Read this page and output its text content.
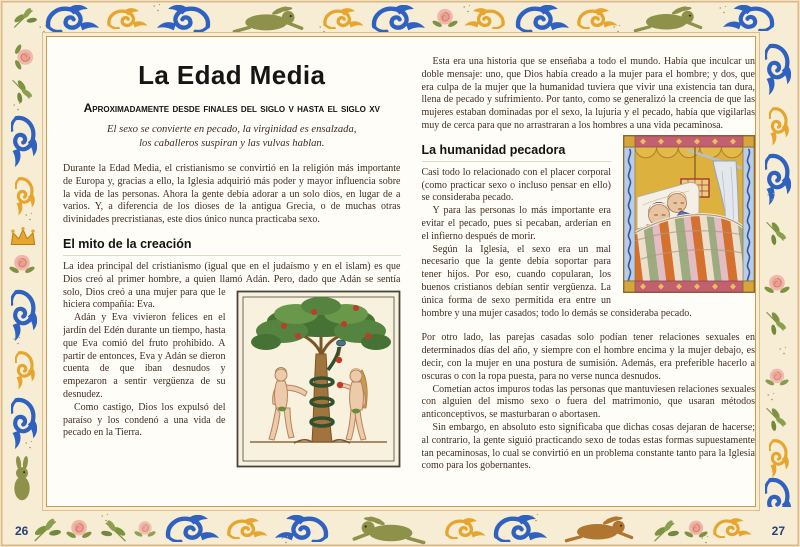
26	27
La Edad Media
Aproximadamente desde finales del siglo v hasta el siglo xv

El sexo se convierte en pecado, la virginidad es ensalzada,
los caballeros suspiran y las vulvas hablan.

Durante la Edad Media, el cristianismo se convirtió en la religión más importante de Europa y, gracias a ello, la Iglesia adquirió más poder y mayor influencia sobre la vida de las personas. Ahora la gente debía adorar a un solo dios, en lugar de a varios. Y, a diferencia de los dioses de la antigua Grecia, o de muchas otras divinidades precristianas, este dios único nunca practicaba sexo.

El mito de la creación

La idea principal del cristianismo (igual que en el judaísmo y en el islam) es que Dios creó al primer hombre, a quien llamó Adán. Pero, dado que Adán se sentía solo,
Dios creó a una mujer para que le hiciera compañía: Eva.

Adán y Eva vivieron felices en el jardín del Edén durante un tiempo, hasta que Eva comió del fruto prohibido. A partir de entonces, Eva y Adán se dieron cuenta de que iban desnudos y empezaron a sentir vergüenza de su desnudez.

Como castigo, Dios los expulsó del paraíso y los condenó a una vida de pecado en la Tierra.

Esta era una historia que se enseñaba a todo el mundo. Había que inculcar un doble mensaje: uno, que Dios había creado a la mujer para el hombre; y dos, que era culpa de la mujer que la humanidad tuviera que vivir una existencia tan dura, llena de pecado y sufrimiento. Por tanto, como se generalizó la creencia de que las mujeres estaban dominadas por el sexo, la lujuria y el pecado, había que vigilarlas muy de cerca para que no arrastraran a los hombres a una vida pecaminosa.

La humanidad pecadora

Casi todo lo relacionado con el placer corporal (como practicar sexo o incluso pensar en ello) se consideraba pecado.

Y para las personas lo más importante era evitar el pecado, pues si pecaban, arderían en el infierno después de morir.

Según la Iglesia, el sexo era un mal necesario que la gente debía soportar para tener hijos. Por eso, cuando copularan, los buenos cristianos debían sentir vergüenza. La única forma de sexo permitida era entre un hombre y una mujer casados; todo lo demás se consideraba pecado.

Por otro lado, las parejas casadas solo podían tener relaciones sexuales en determinados días del año, y siempre con el hombre encima y la mujer debajo, es decir, con la mujer en una postura de sumisión. Además, era preferible hacerlo a oscuras o con la ropa puesta, para no verse nunca desnudos.

Cometían actos impuros todas las personas que mantuviesen relaciones sexuales con alguien del mismo sexo o fuera del matrimonio, que usaran métodos anticonceptivos, se masturbaran o abortasen.

Sin embargo, en absoluto esto significaba que dichas cosas dejaran de hacerse; al contrario, la gente siguió practicando sexo de todas estas formas supuestamente tan pecaminosas, lo cual se convirtió en un problema constante tanto para la Iglesia como para los gobernantes.
